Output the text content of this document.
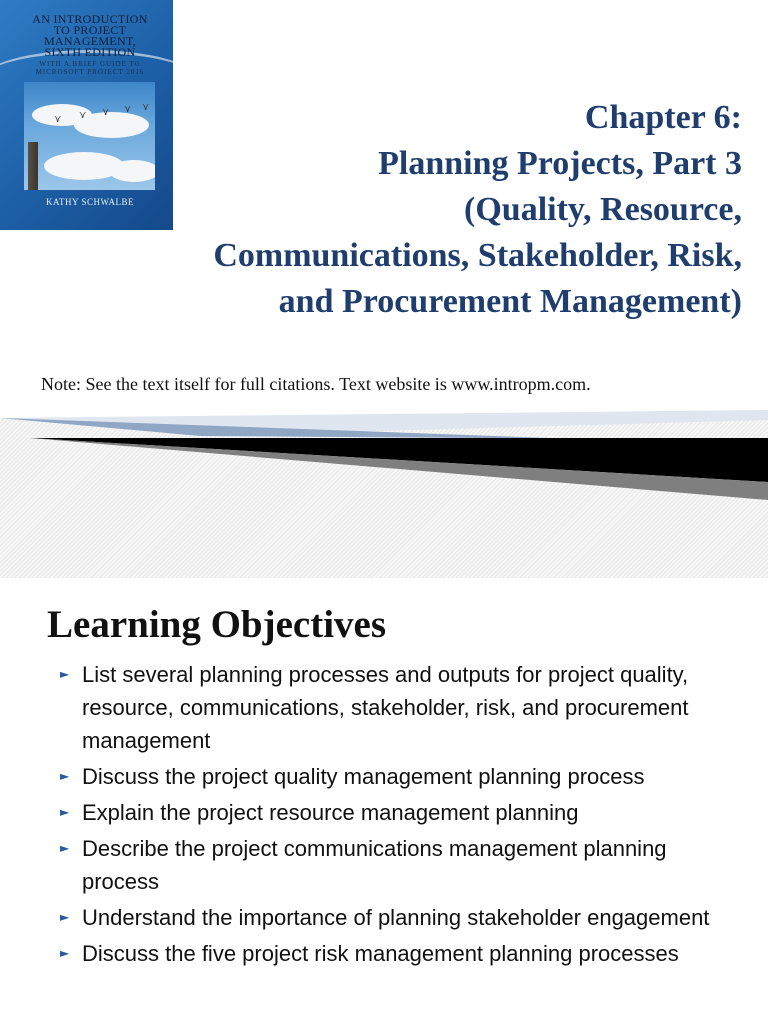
AN INTRODUCTION
TO PROJECT
MANAGEMENT,
SIXTH EDITION
WITH A BRIEF GUIDE TO
MICROSOFT PROJECT 2016
⋎ ⋎ ⋎ ⋎ ⋎
KATHY SCHWALBE
Chapter 6:
Planning Projects, Part 3
(Quality, Resource,
Communications, Stakeholder, Risk,
and Procurement Management)
Note: See the text itself for full citations. Text website is www.intropm.com.
Learning Objectives
► List several planning processes and outputs for project quality, resource, communications, stakeholder, risk, and procurement management
► Discuss the project quality management planning process
► Explain the project resource management planning
► Describe the project communications management planning process
► Understand the importance of planning stakeholder engagement
► Discuss the five project risk management planning processes
